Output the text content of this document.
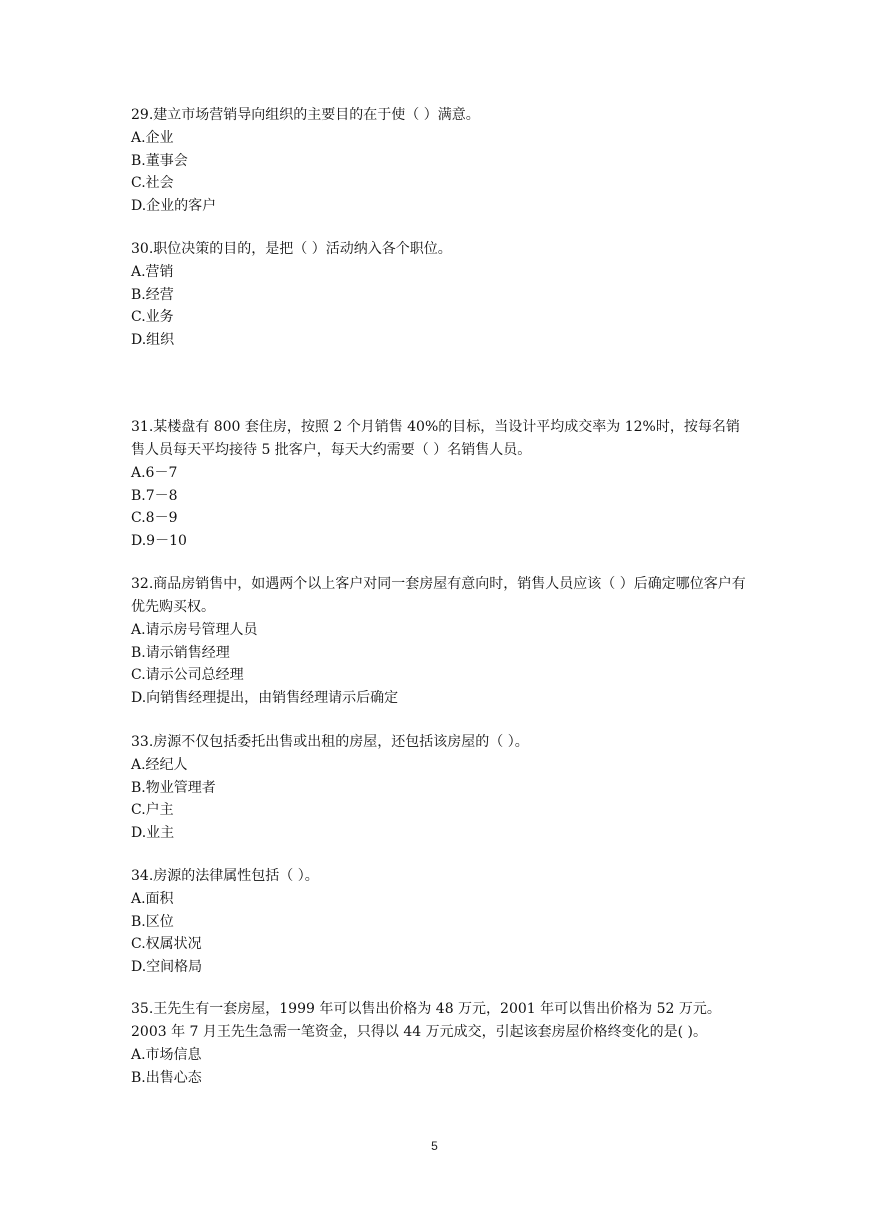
29.建立市场营销导向组织的主要目的在于使（ ）满意。

A.企业

B.董事会

C.社会

D.企业的客户

30.职位决策的目的，是把（ ）活动纳入各个职位。

A.营销

B.经营

C.业务

D.组织

31.某楼盘有 800 套住房，按照 2 个月销售 40%的目标，当设计平均成交率为 12%时，按每名销售人员每天平均接待 5 批客户，每天大约需要（ ）名销售人员。

A.6－7

B.7－8

C.8－9

D.9－10

32.商品房销售中，如遇两个以上客户对同一套房屋有意向时，销售人员应该（ ）后确定哪位客户有优先购买权。

A.请示房号管理人员

B.请示销售经理

C.请示公司总经理

D.向销售经理提出，由销售经理请示后确定

33.房源不仅包括委托出售或出租的房屋，还包括该房屋的（ ）。

A.经纪人

B.物业管理者

C.户主

D.业主

34.房源的法律属性包括（ ）。

A.面积

B.区位

C.权属状况

D.空间格局

35.王先生有一套房屋，1999 年可以售出价格为 48 万元，2001 年可以售出价格为 52 万元。2003 年 7 月王先生急需一笔资金，只得以 44 万元成交，引起该套房屋价格终变化的是( )。

A.市场信息

B.出售心态

5
